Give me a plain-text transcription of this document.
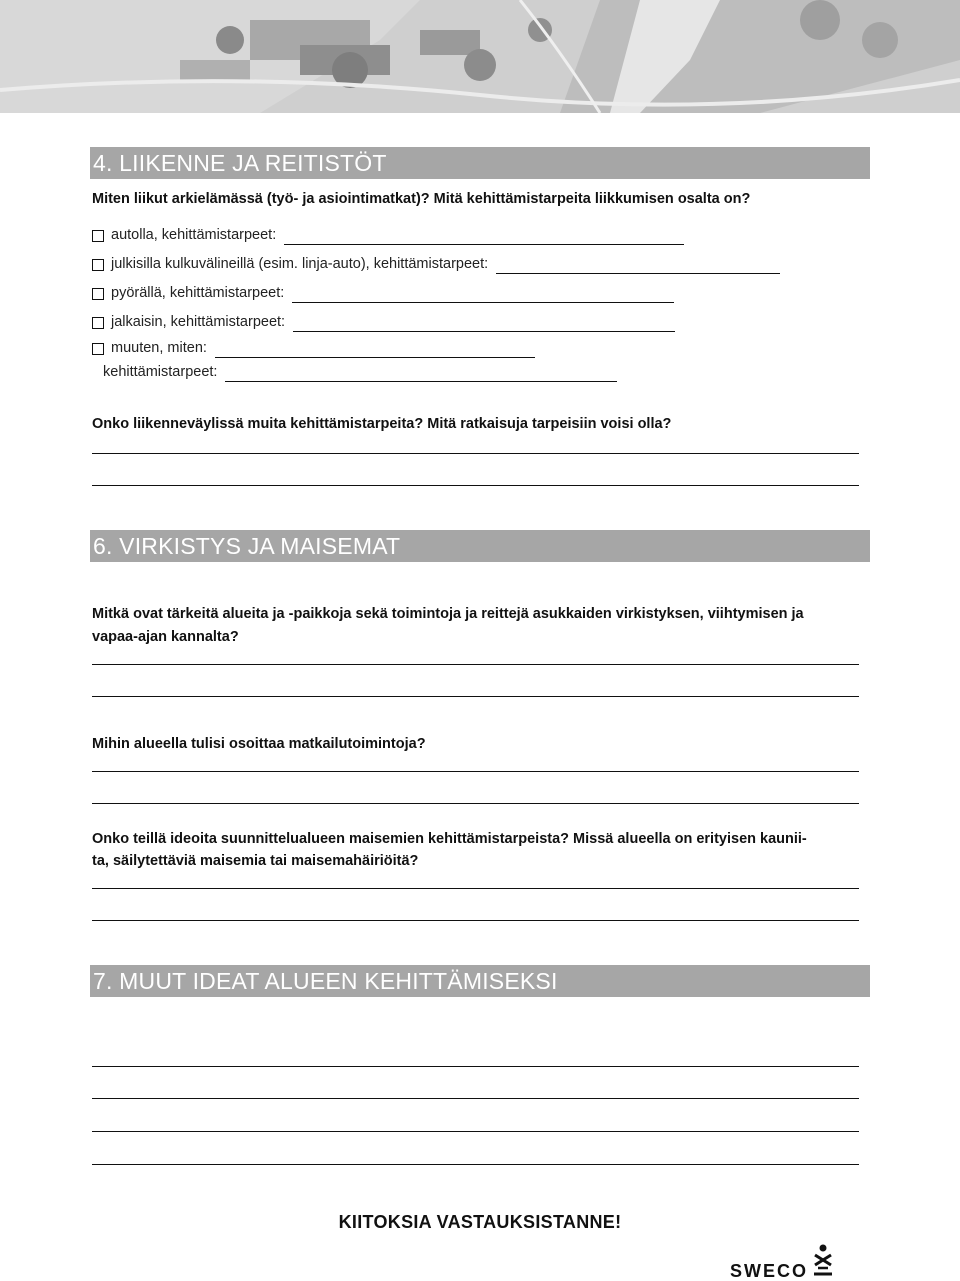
4. LIIKENNE JA REITISTÖT
Miten liikut arkielämässä (työ- ja asiointimatkat)? Mitä kehittämistarpeita liikkumisen osalta on?
autolla, kehittämistarpeet:
julkisilla kulkuvälineillä (esim. linja-auto), kehittämistarpeet:
pyörällä, kehittämistarpeet:
jalkaisin, kehittämistarpeet:
muuten, miten:
kehittämistarpeet:
Onko liikenneväylissä muita kehittämistarpeita? Mitä ratkaisuja tarpeisiin voisi olla?
6. VIRKISTYS JA MAISEMAT
Mitkä ovat tärkeitä alueita ja -paikkoja sekä toimintoja ja reittejä asukkaiden virkistyksen, viihtymisen ja
vapaa-ajan kannalta?
Mihin alueella tulisi osoittaa matkailutoimintoja?
Onko teillä ideoita suunnittelualueen maisemien kehittämistarpeista? Missä alueella on erityisen kaunii-
ta, säilytettäviä maisemia tai maisemahäiriöitä?
7. MUUT IDEAT ALUEEN KEHITTÄMISEKSI
KIITOKSIA VASTAUKSISTANNE!
SWECO
